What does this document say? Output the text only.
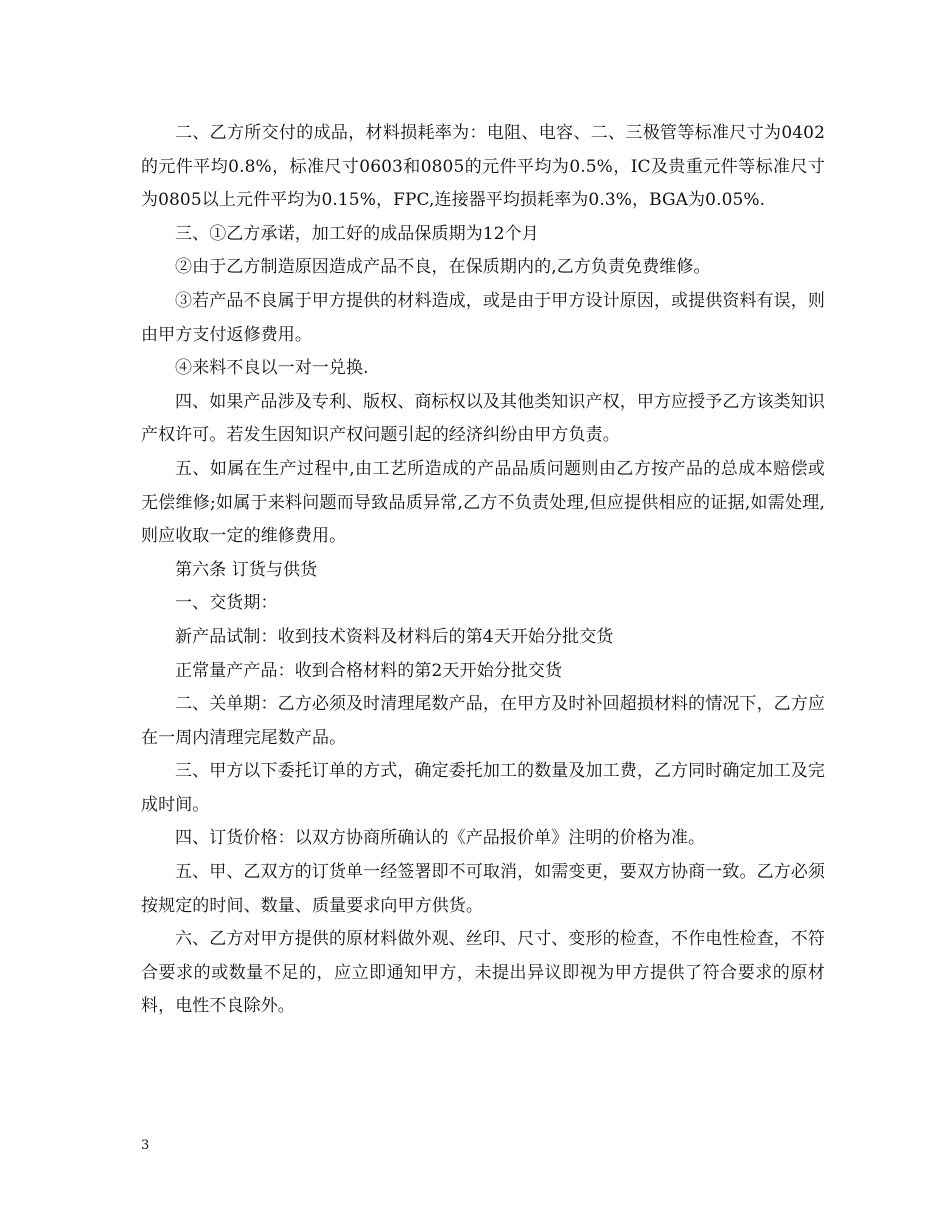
二、乙方所交付的成品，材料损耗率为：电阻、电容、二、三极管等标准尺寸为0402的元件平均0.8%，标准尺寸0603和0805的元件平均为0.5%，IC及贵重元件等标准尺寸为0805以上元件平均为0.15%，FPC,连接器平均损耗率为0.3%，BGA为0.05%.

三、①乙方承诺，加工好的成品保质期为12个月

②由于乙方制造原因造成产品不良，在保质期内的,乙方负责免费维修。

③若产品不良属于甲方提供的材料造成，或是由于甲方设计原因，或提供资料有误，则由甲方支付返修费用。

④来料不良以一对一兑换.

四、如果产品涉及专利、版权、商标权以及其他类知识产权，甲方应授予乙方该类知识产权许可。若发生因知识产权问题引起的经济纠纷由甲方负责。

五、如属在生产过程中,由工艺所造成的产品品质问题则由乙方按产品的总成本赔偿或无偿维修;如属于来料问题而导致品质异常,乙方不负责处理,但应提供相应的证据,如需处理,则应收取一定的维修费用。

第六条 订货与供货

一、交货期：

新产品试制：收到技术资料及材料后的第4天开始分批交货

正常量产产品：收到合格材料的第2天开始分批交货

二、关单期：乙方必须及时清理尾数产品，在甲方及时补回超损材料的情况下，乙方应在一周内清理完尾数产品。

三、甲方以下委托订单的方式，确定委托加工的数量及加工费，乙方同时确定加工及完成时间。

四、订货价格：以双方协商所确认的《产品报价单》注明的价格为准。

五、甲、乙双方的订货单一经签署即不可取消，如需变更，要双方协商一致。乙方必须按规定的时间、数量、质量要求向甲方供货。

六、乙方对甲方提供的原材料做外观、丝印、尺寸、变形的检查，不作电性检查，不符合要求的或数量不足的，应立即通知甲方，未提出异议即视为甲方提供了符合要求的原材料，电性不良除外。

3
